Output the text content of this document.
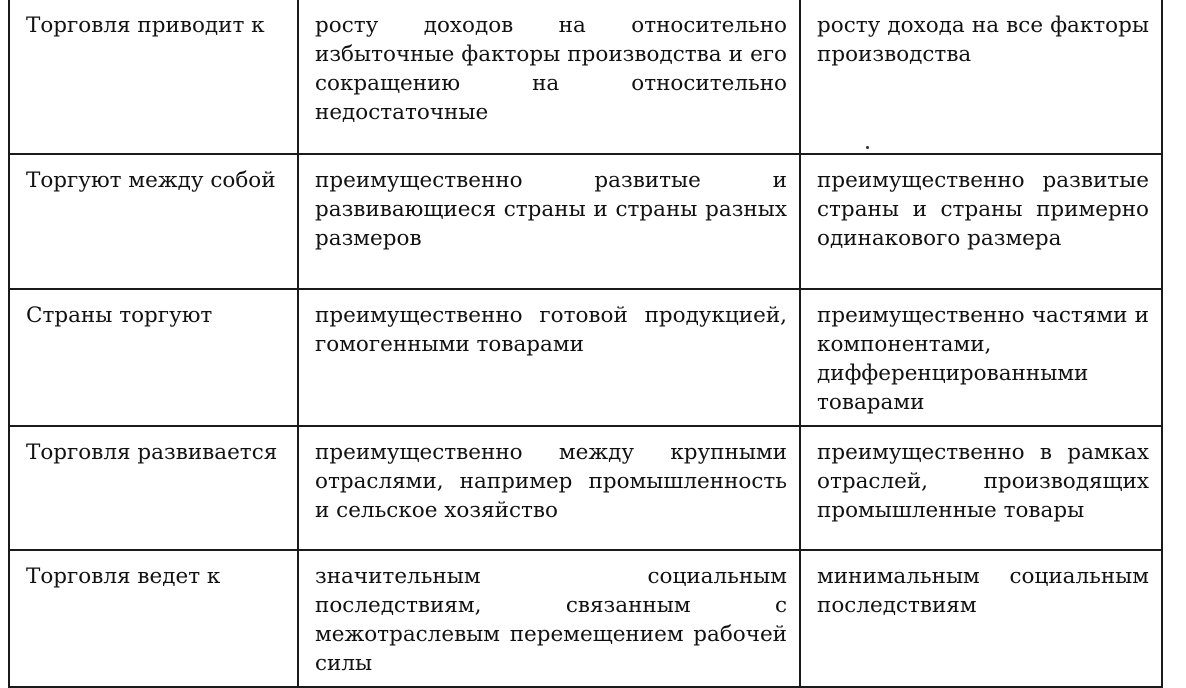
Торговля приводит к	росту доходов на относительно избыточные факторы производства и его сокращению на относительно недостаточные	росту дохода на все факторы производства
Торгуют между собой	преимущественно развитые и развивающиеся страны и страны разных размеров	преимущественно развитые страны и страны примерно одинакового размера
Страны торгуют	преимущественно готовой продукцией, гомогенными товарами	преимущественно частями и компонентами, дифференцированными товарами
Торговля развивается	преимущественно между крупными отраслями, например промышленность и сельское хозяйство	преимущественно в рамках отраслей, производящих промышленные товары
Торговля ведет к	значительным социальным последствиям, связанным с межотраслевым перемещением рабочей силы	минимальным социальным последствиям
